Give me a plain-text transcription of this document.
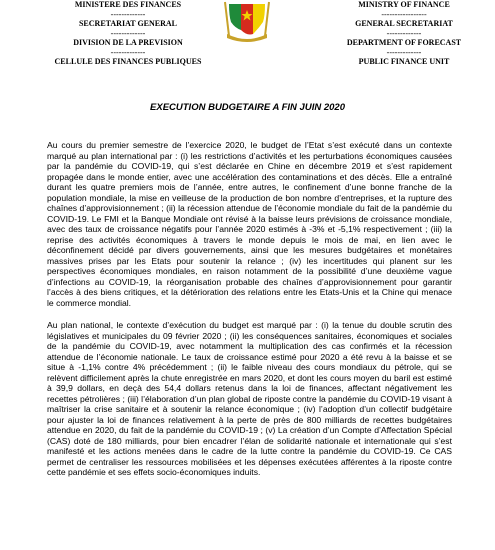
MINISTERE DES FINANCES
-------------
SECRETARIAT GENERAL
-------------
DIVISION DE LA PREVISION
-------------
CELLULE DES FINANCES PUBLIQUES
MINISTRY OF FINANCE
-----------------
GENERAL SECRETARIAT
-------------
DEPARTMENT OF FORECAST
-------------
PUBLIC FINANCE UNIT
EXECUTION BUDGETAIRE A FIN JUIN 2020

Au cours du premier semestre de l’exercice 2020, le budget de l’Etat s’est exécuté dans un contexte marqué au plan international par : (i) les restrictions d’activités et les perturbations économiques causées par la pandémie du COVID-19, qui s’est déclarée en Chine en décembre 2019 et s’est rapidement propagée dans le monde entier, avec une accélération des contaminations et des décès. Elle a entraîné durant les quatre premiers mois de l’année, entre autres, le confinement d’une bonne franche de la population mondiale, la mise en veilleuse de la production de bon nombre d’entreprises, et la rupture des chaînes d’approvisionnement ; (ii) la récession attendue de l’économie mondiale du fait de la pandémie du COVID-19. Le FMI et la Banque Mondiale ont révisé à la baisse leurs prévisions de croissance mondiale, avec des taux de croissance négatifs pour l’année 2020 estimés à -3% et -5,1% respectivement ; (iii) la reprise des activités économiques à travers le monde depuis le mois de mai, en lien avec le déconfinement décidé par divers gouvernements, ainsi que les mesures budgétaires et monétaires massives prises par les Etats pour soutenir la relance ; (iv) les incertitudes qui planent sur les perspectives économiques mondiales, en raison notamment de la possibilité d’une deuxième vague d’infections au COVID-19, la réorganisation probable des chaînes d’approvisionnement pour garantir l’accès à des biens critiques, et la détérioration des relations entre les Etats-Unis et la Chine qui menace le commerce mondial.

Au plan national, le contexte d’exécution du budget est marqué par : (i) la tenue du double scrutin des législatives et municipales du 09 février 2020 ; (ii) les conséquences sanitaires, économiques et sociales de la pandémie du COVID-19, avec notamment la multiplication des cas confirmés et la récession attendue de l’économie nationale. Le taux de croissance estimé pour 2020 a été revu à la baisse et se situe à -1,1% contre 4% précédemment ; (ii) le faible niveau des cours mondiaux du pétrole, qui se relèvent difficilement après la chute enregistrée en mars 2020, et dont les cours moyen du baril est estimé à 39,9 dollars, en deçà des 54,4 dollars retenus dans la loi de finances, affectant négativement les recettes pétrolières ; (iii) l’élaboration d’un plan global de riposte contre la pandémie du COVID-19 visant à maîtriser la crise sanitaire et à soutenir la relance économique ; (iv) l’adoption d’un collectif budgétaire pour ajuster la loi de finances relativement à la perte de près de 800 milliards de recettes budgétaires attendue en 2020, du fait de la pandémie du COVID-19 ; (v) La création d’un Compte d’Affectation Spécial (CAS) doté de 180 milliards, pour bien encadrer l’élan de solidarité nationale et internationale qui s’est manifesté et les actions menées dans le cadre de la lutte contre la pandémie du COVID-19. Ce CAS permet de centraliser les ressources mobilisées et les dépenses exécutées afférentes à la riposte contre cette pandémie et ses effets socio-économiques induits.
